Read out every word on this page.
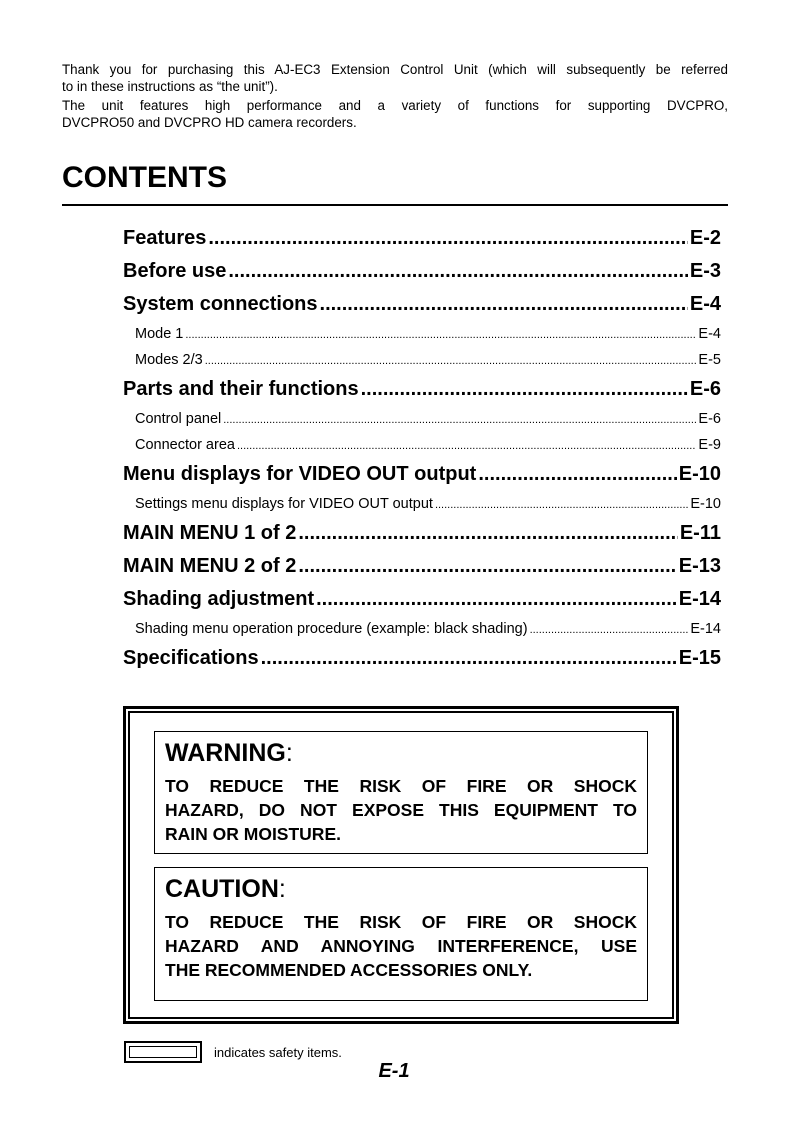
Thank you for purchasing this AJ-EC3 Extension Control Unit (which will subsequently be referred
to in these instructions as “the unit”).

The unit features high performance and a variety of functions for supporting DVCPRO,
DVCPRO50 and DVCPRO HD camera recorders.

CONTENTS
Features .....	E-2
Before use .....	E-3
System connections .....	E-4
Mode 1 .....	E-4
Modes 2/3 .....	E-5
Parts and their functions .....	E-6
Control panel .....	E-6
Connector area .....	E-9
Menu displays for VIDEO OUT output .....	E-10
Settings menu displays for VIDEO OUT output .....	E-10
MAIN MENU 1 of 2 .....	E-11
MAIN MENU 2 of 2 .....	E-13
Shading adjustment .....	E-14
Shading menu operation procedure (example: black shading) .....	E-14
Specifications .....	E-15
WARNING:

TO REDUCE THE RISK OF FIRE OR SHOCK
HAZARD, DO NOT EXPOSE THIS EQUIPMENT TO
RAIN OR MOISTURE.

CAUTION:

TO REDUCE THE RISK OF FIRE OR SHOCK
HAZARD AND ANNOYING INTERFERENCE, USE
THE RECOMMENDED ACCESSORIES ONLY.

indicates safety items.
E-1
